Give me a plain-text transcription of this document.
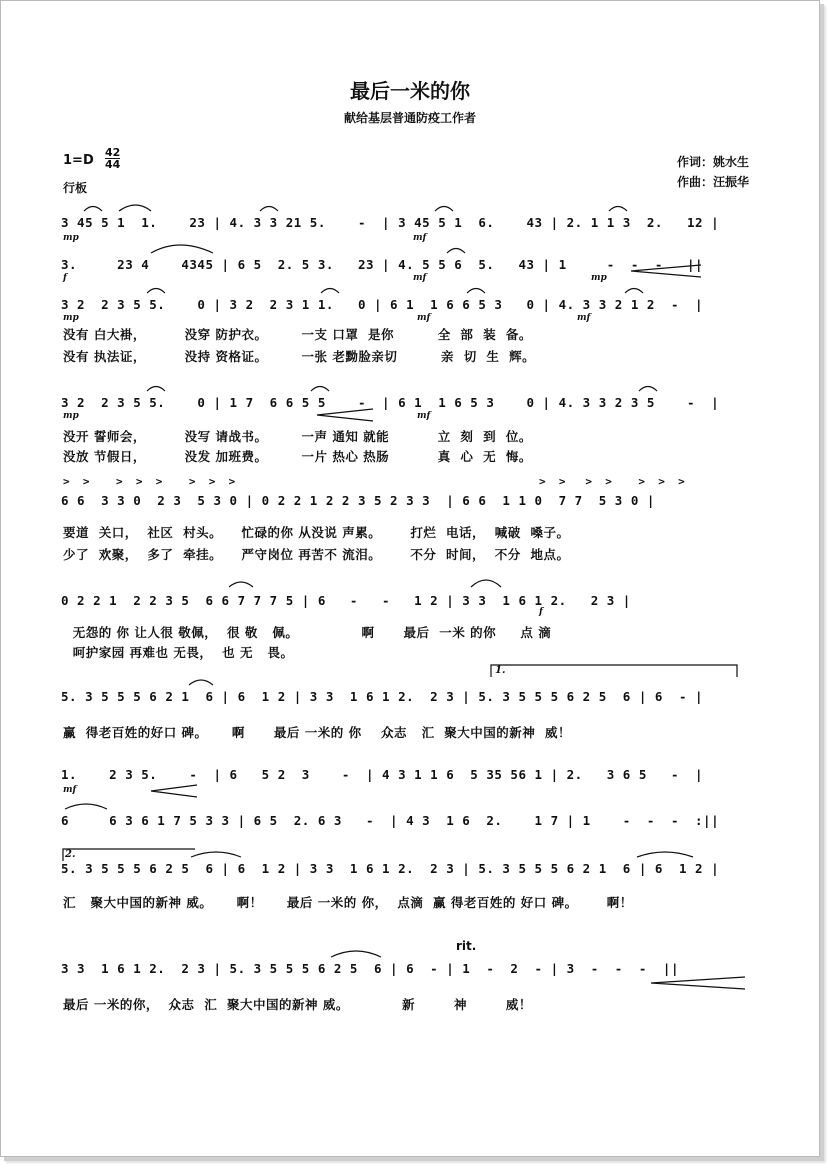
最后一米的你
献给基层普通防疫工作者
1=D
42
44
行板
作词：姚水生
作曲：汪振华
3 45 5 1  1.    23 | 4. 3 3 21 5.    -  | 3 45 5 1  6.    43 | 2. 1 1 3  2.   12 |
mp	mf
3.     23 4    4345 | 6 5  2. 5 3.   23 | 4. 5 5 6  5.   43 | 1     -  -  -   ||
f	mf	mp
3 2  2 3 5 5.    0 | 3 2  2 3 1 1.   0 | 6 1  1 6 6 5 3   0 | 4. 3 3 2 1 2  -  |
mp	mf	mf
没有 白大褂，        没穿 防护衣。       一支 口罩  是你         全  部  装  备。
没有 执法证，        没持 资格证。       一张 老黝脸亲切         亲  切  生  辉。
3 2  2 3 5 5.    0 | 1 7  6 6 5 5    -  | 6 1  1 6 5 3    0 | 4. 3 3 2 3 5    -  |
mp	mf
没开 誓师会，        没写 请战书。       一声 通知 就能          立  刻  到  位。
没放 节假日，        没发 加班费。       一片 热心 热肠          真  心  无  悔。
>  >    >  >  >    >  >  >	>  >   >  >    >  >  >
6 6  3 3 0  2 3  5 3 0 | 0 2 2 1 2 2 3 5 2 3 3  | 6 6  1 1 0  7 7  5 3 0 |
要道  关口，  社区  村头。    忙碌的你 从没说 声累。      打烂  电话，  喊破  嗓子。
少了  欢聚，  多了  牵挂。    严守岗位 再苦不 流泪。      不分  时间，  不分  地点。
0 2 2 1  2 2 3 5  6 6 7 7 7 5 | 6   -   -   1 2 | 3 3  1 6 1 2.   2 3 |
f
无怨的 你 让人很 敬佩，  很 敬   佩。             啊      最后  一米 的你     点 滴
呵护家园 再难也 无畏，  也 无   畏。
1.
5. 3 5 5 5 6 2 1  6 | 6  1 2 | 3 3  1 6 1 2.  2 3 | 5. 3 5 5 5 6 2 5  6 | 6  - |
赢  得老百姓的好口 碑。     啊      最后 一米的 你    众志   汇  聚大中国的新神  威！
1.    2 3 5.    -  | 6   5 2  3    -  | 4 3 1 1 6  5 35 56 1 | 2.   3 6 5   -  |
mf
6     6 3 6 1 7 5 3 3 | 6 5  2. 6 3   -  | 4 3  1 6  2.    1 7 | 1    -  -  -  :||
2.
5. 3 5 5 5 6 2 5  6 | 6  1 2 | 3 3  1 6 1 2.  2 3 | 5. 3 5 5 5 6 2 1  6 | 6  1 2 |
汇   聚大中国的新神 威。     啊！     最后 一米的 你，  点滴  赢 得老百姓的 好口 碑。      啊！
rit.
3 3  1 6 1 2.  2 3 | 5. 3 5 5 5 6 2 5  6 | 6  - | 1  -  2  - | 3  -  -  -  ||
最后 一米的你，  众志  汇  聚大中国的新神 威。           新        神        威！
